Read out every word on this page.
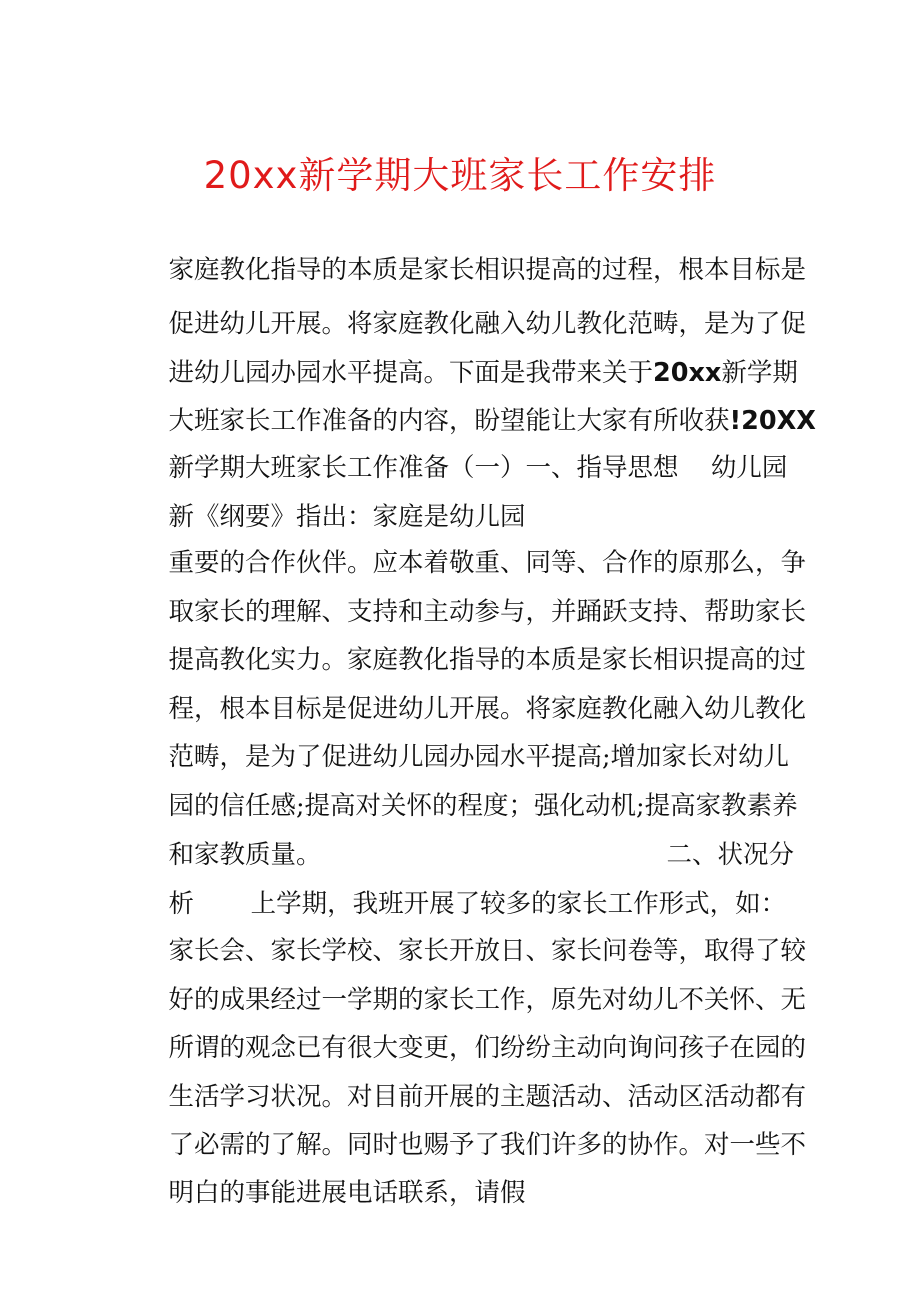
20xx新学期大班家长工作安排

家庭教化指导的本质是家长相识提高的过程，根本目标是

促进幼儿开展。将家庭教化融入幼儿教化范畴，是为了促

进幼儿园办园水平提高。下面是我带来关于20xx新学期

大班家长工作准备的内容，盼望能让大家有所收获!20XX

新学期大班家长工作准备（一）一、指导思想    幼儿园

新《纲要》指出：家庭是幼儿园

重要的合作伙伴。应本着敬重、同等、合作的原那么，争

取家长的理解、支持和主动参与，并踊跃支持、帮助家长

提高教化实力。家庭教化指导的本质是家长相识提高的过

程，根本目标是促进幼儿开展。将家庭教化融入幼儿教化

范畴，是为了促进幼儿园办园水平提高;增加家长对幼儿

园的信任感;提高对关怀的程度；强化动机;提高家教素养

和家教质量。
	二、状况分

析       上学期，我班开展了较多的家长工作形式，如：

家长会、家长学校、家长开放日、家长问卷等，取得了较

好的成果经过一学期的家长工作，原先对幼儿不关怀、无

所谓的观念已有很大变更，们纷纷主动向询问孩子在园的

生活学习状况。对目前开展的主题活动、活动区活动都有

了必需的了解。同时也赐予了我们许多的协作。对一些不

明白的事能进展电话联系，请假
